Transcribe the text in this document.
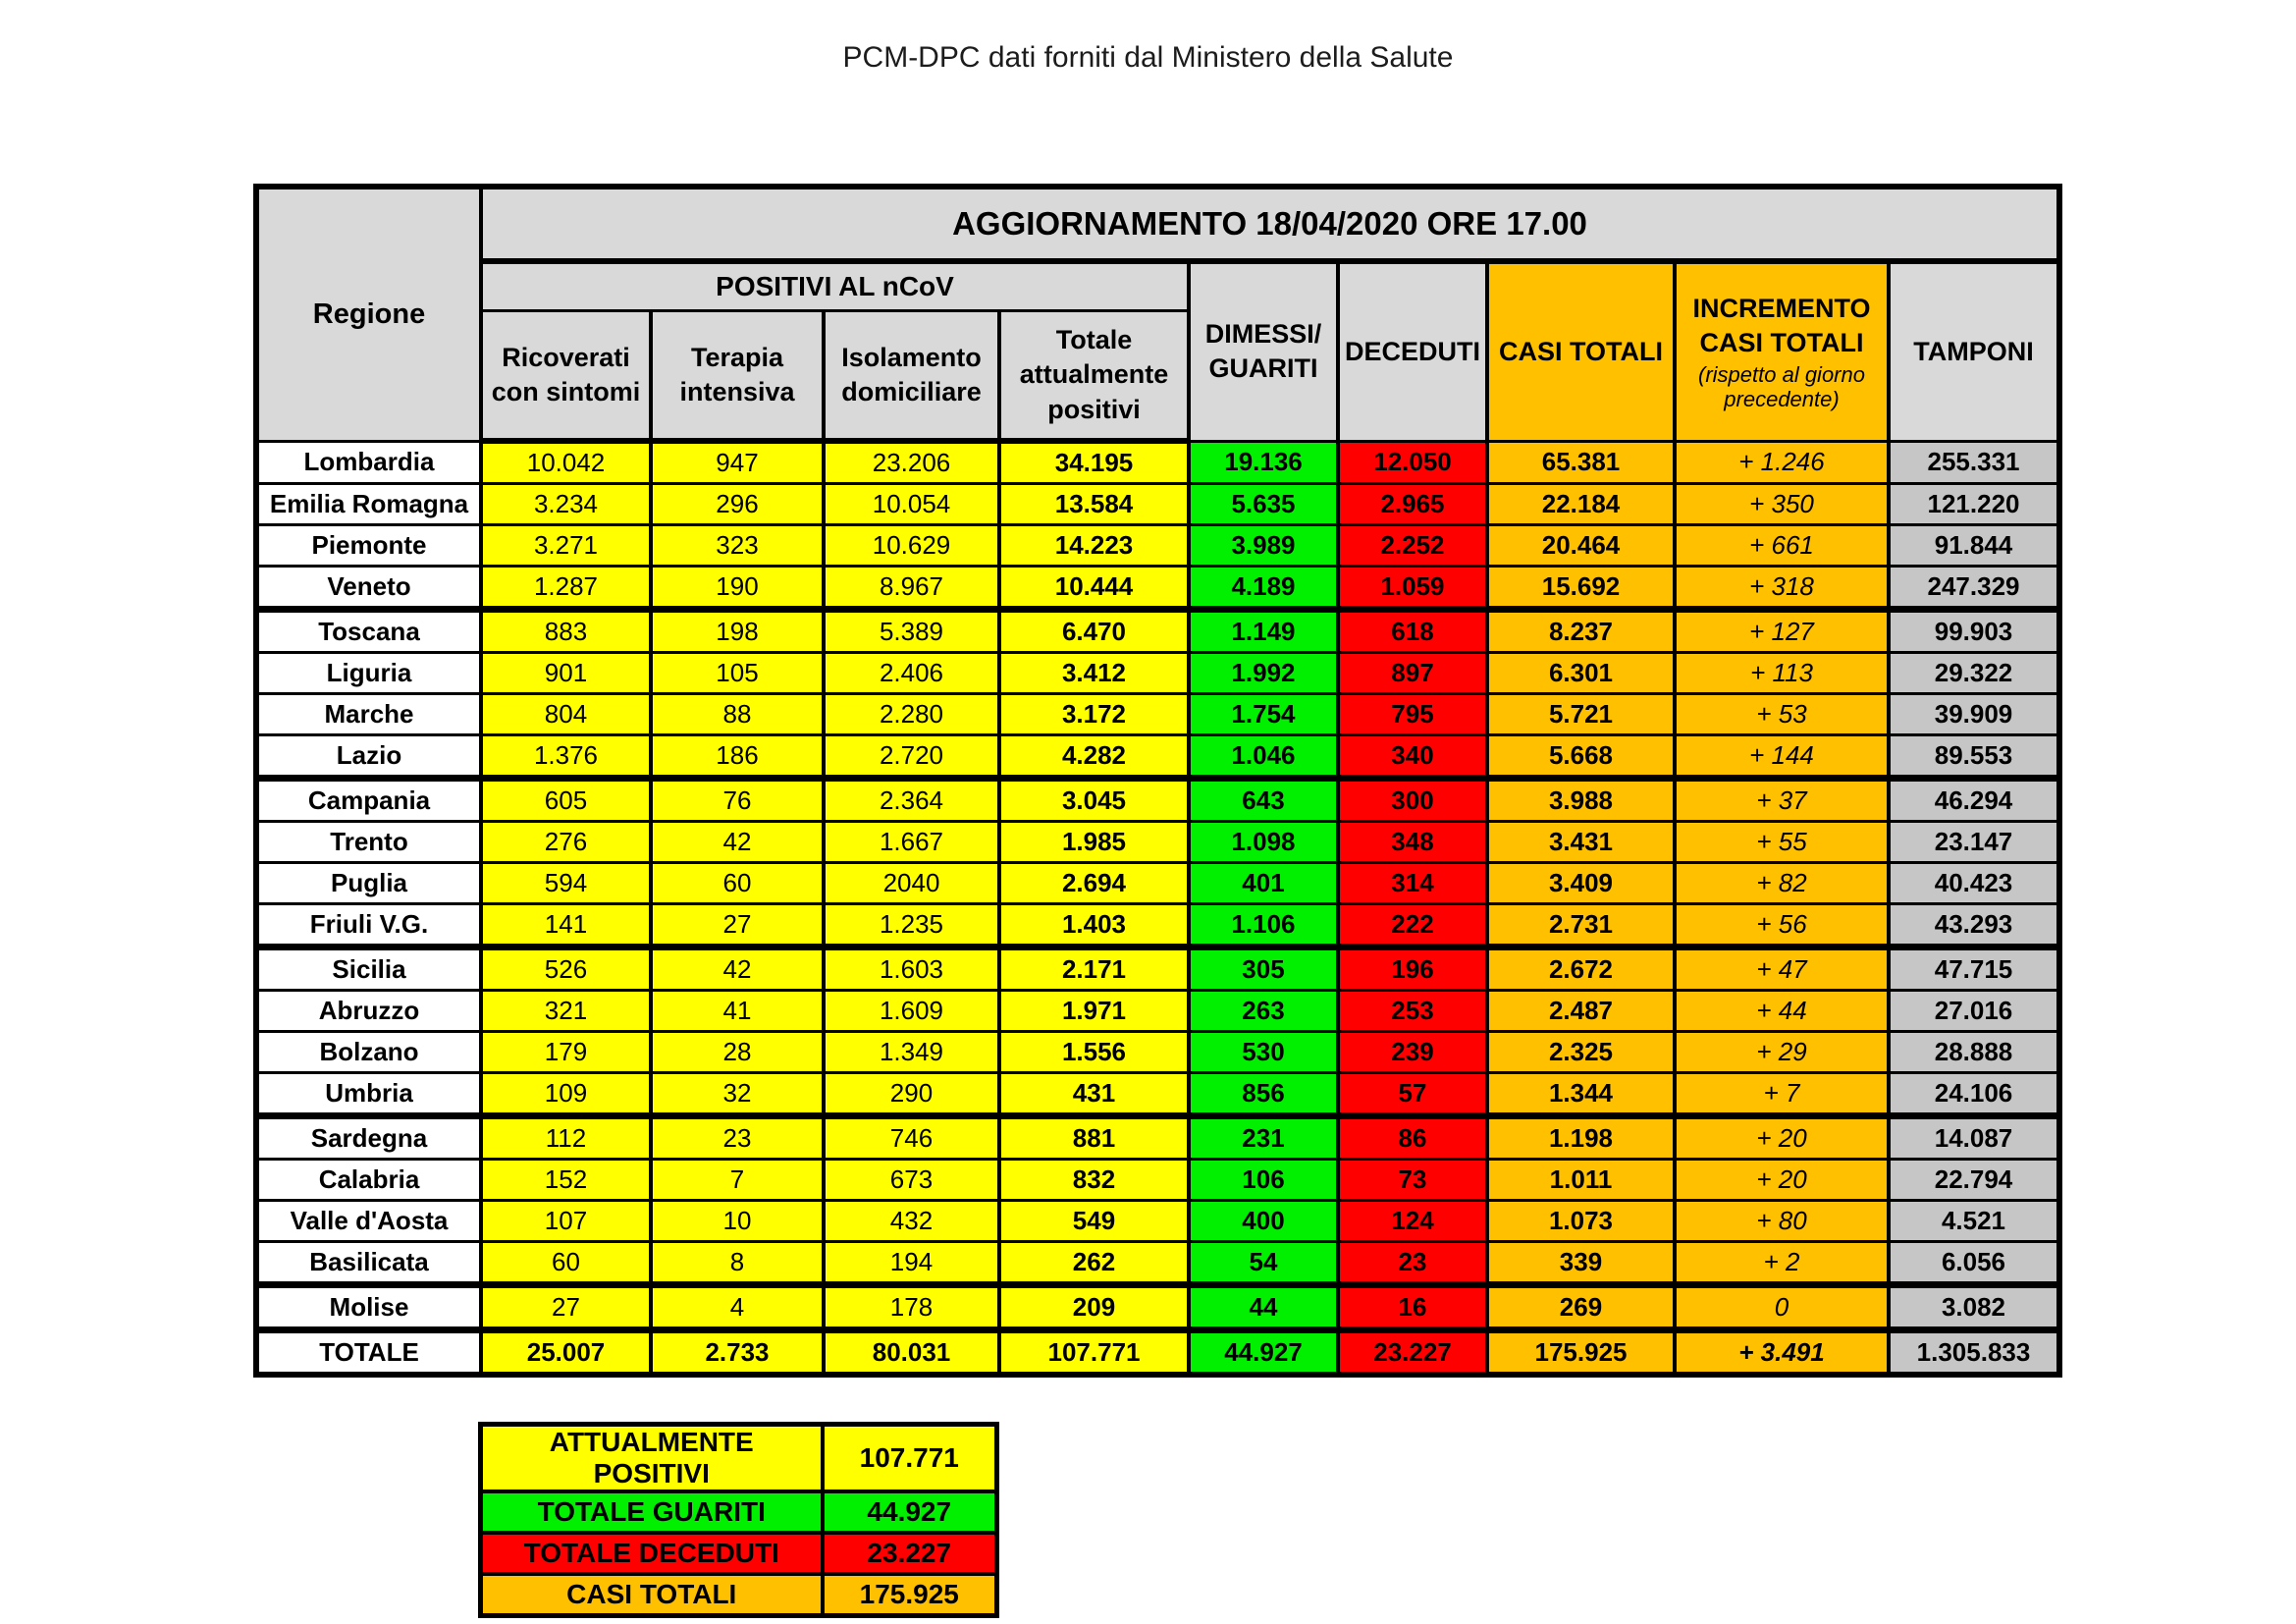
PCM-DPC dati forniti dal Ministero della Salute
Regione	AGGIORNAMENTO 18/04/2020 ORE 17.00								
	POSITIVI AL nCoV				DIMESSI/ GUARITI	DECEDUTI	CASI TOTALI	INCREMENTO CASI TOTALI
(rispetto al giorno precedente)	TAMPONI
	Ricoverati con sintomi	Terapia intensiva	Isolamento domiciliare	Totale attualmente positivi					
Lombardia	10.042	947	23.206	34.195	19.136	12.050	65.381	+ 1.246	255.331
Emilia Romagna	3.234	296	10.054	13.584	5.635	2.965	22.184	+ 350	121.220
Piemonte	3.271	323	10.629	14.223	3.989	2.252	20.464	+ 661	91.844
Veneto	1.287	190	8.967	10.444	4.189	1.059	15.692	+ 318	247.329
Toscana	883	198	5.389	6.470	1.149	618	8.237	+ 127	99.903
Liguria	901	105	2.406	3.412	1.992	897	6.301	+ 113	29.322
Marche	804	88	2.280	3.172	1.754	795	5.721	+ 53	39.909
Lazio	1.376	186	2.720	4.282	1.046	340	5.668	+ 144	89.553
Campania	605	76	2.364	3.045	643	300	3.988	+ 37	46.294
Trento	276	42	1.667	1.985	1.098	348	3.431	+ 55	23.147
Puglia	594	60	2040	2.694	401	314	3.409	+ 82	40.423
Friuli V.G.	141	27	1.235	1.403	1.106	222	2.731	+ 56	43.293
Sicilia	526	42	1.603	2.171	305	196	2.672	+ 47	47.715
Abruzzo	321	41	1.609	1.971	263	253	2.487	+ 44	27.016
Bolzano	179	28	1.349	1.556	530	239	2.325	+ 29	28.888
Umbria	109	32	290	431	856	57	1.344	+ 7	24.106
Sardegna	112	23	746	881	231	86	1.198	+ 20	14.087
Calabria	152	7	673	832	106	73	1.011	+ 20	22.794
Valle d'Aosta	107	10	432	549	400	124	1.073	+ 80	4.521
Basilicata	60	8	194	262	54	23	339	+ 2	6.056
Molise	27	4	178	209	44	16	269	0	3.082
TOTALE	25.007	2.733	80.031	107.771	44.927	23.227	175.925	+ 3.491	1.305.833
ATTUALMENTE POSITIVI	107.771
TOTALE GUARITI	44.927
TOTALE DECEDUTI	23.227
CASI TOTALI	175.925
